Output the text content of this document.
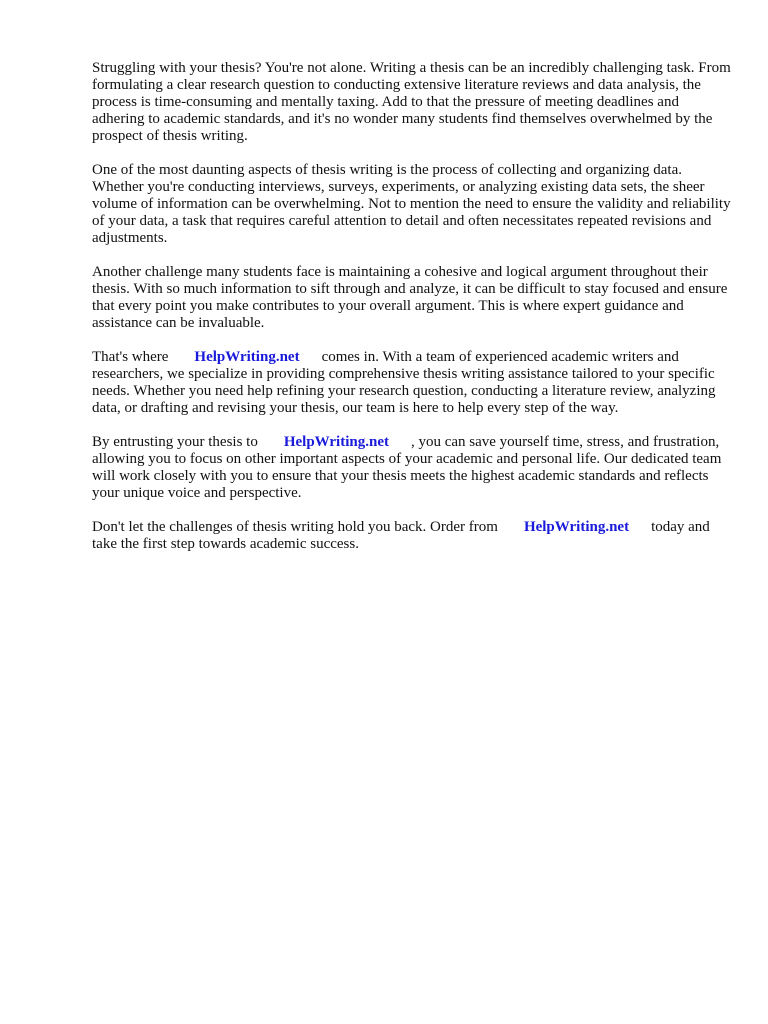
Struggling with your thesis? You're not alone. Writing a thesis can be an incredibly challenging task. From formulating a clear research question to conducting extensive literature reviews and data analysis, the process is time-consuming and mentally taxing. Add to that the pressure of meeting deadlines and adhering to academic standards, and it's no wonder many students find themselves overwhelmed by the prospect of thesis writing.

One of the most daunting aspects of thesis writing is the process of collecting and organizing data. Whether you're conducting interviews, surveys, experiments, or analyzing existing data sets, the sheer volume of information can be overwhelming. Not to mention the need to ensure the validity and reliability of your data, a task that requires careful attention to detail and often necessitates repeated revisions and adjustments.

Another challenge many students face is maintaining a cohesive and logical argument throughout their thesis. With so much information to sift through and analyze, it can be difficult to stay focused and ensure that every point you make contributes to your overall argument. This is where expert guidance and assistance can be invaluable.

That's where HelpWriting.net comes in. With a team of experienced academic writers and researchers, we specialize in providing comprehensive thesis writing assistance tailored to your specific needs. Whether you need help refining your research question, conducting a literature review, analyzing data, or drafting and revising your thesis, our team is here to help every step of the way.

By entrusting your thesis to HelpWriting.net , you can save yourself time, stress, and frustration, allowing you to focus on other important aspects of your academic and personal life. Our dedicated team will work closely with you to ensure that your thesis meets the highest academic standards and reflects your unique voice and perspective.

Don't let the challenges of thesis writing hold you back. Order from HelpWriting.net today and take the first step towards academic success.
